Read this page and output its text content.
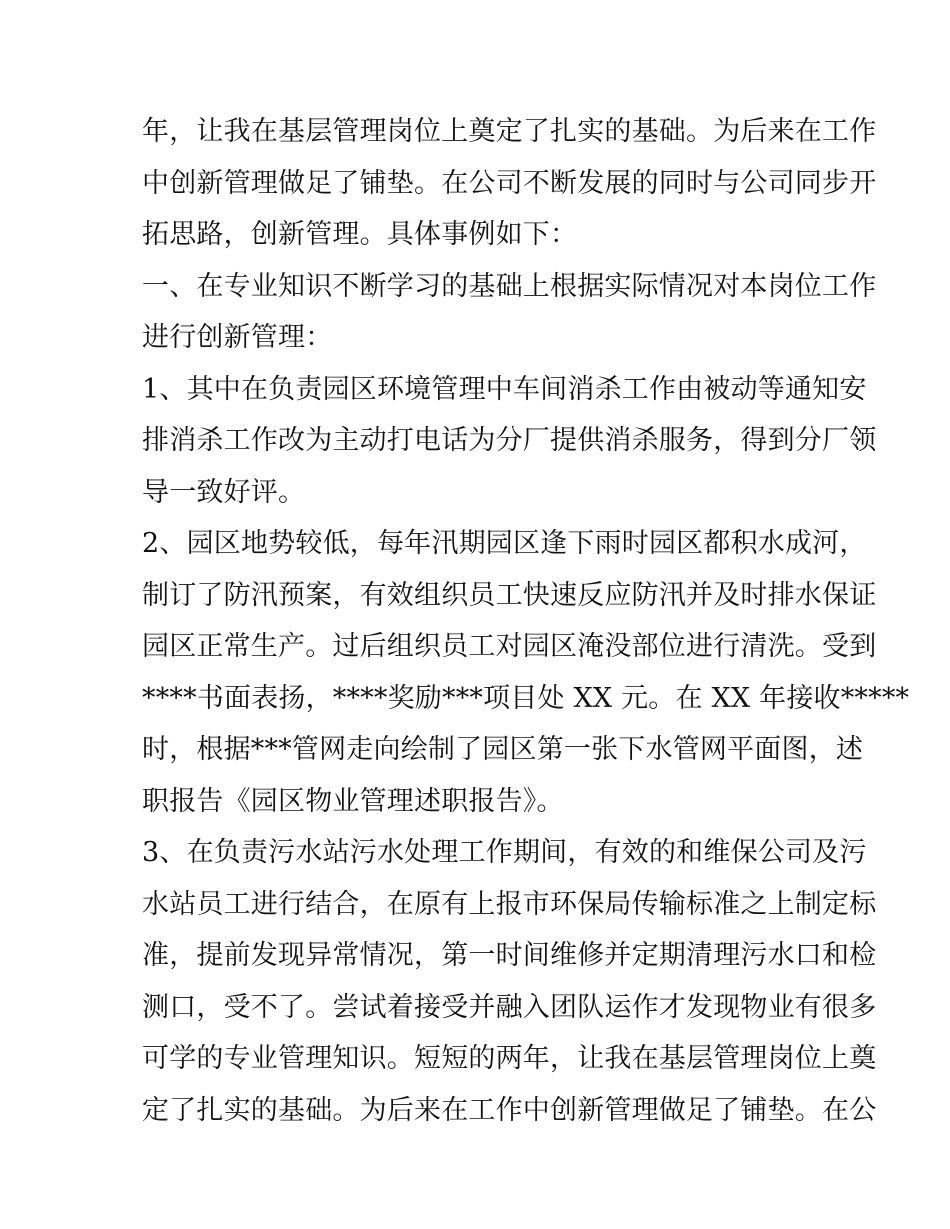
年，让我在基层管理岗位上奠定了扎实的基础。为后来在工作
中创新管理做足了铺垫。在公司不断发展的同时与公司同步开
拓思路，创新管理。具体事例如下：
一、在专业知识不断学习的基础上根据实际情况对本岗位工作
进行创新管理：
1、其中在负责园区环境管理中车间消杀工作由被动等通知安
排消杀工作改为主动打电话为分厂提供消杀服务，得到分厂领
导一致好评。
2、园区地势较低，每年汛期园区逢下雨时园区都积水成河，
制订了防汛预案，有效组织员工快速反应防汛并及时排水保证
园区正常生产。过后组织员工对园区淹没部位进行清洗。受到
****书面表扬，****奖励***项目处 XX 元。在 XX 年接收*****
时，根据***管网走向绘制了园区第一张下水管网平面图，述
职报告《园区物业管理述职报告》。
3、在负责污水站污水处理工作期间，有效的和维保公司及污
水站员工进行结合，在原有上报市环保局传输标准之上制定标
准，提前发现异常情况，第一时间维修并定期清理污水口和检
测口，受不了。尝试着接受并融入团队运作才发现物业有很多
可学的专业管理知识。短短的两年，让我在基层管理岗位上奠
定了扎实的基础。为后来在工作中创新管理做足了铺垫。在公
